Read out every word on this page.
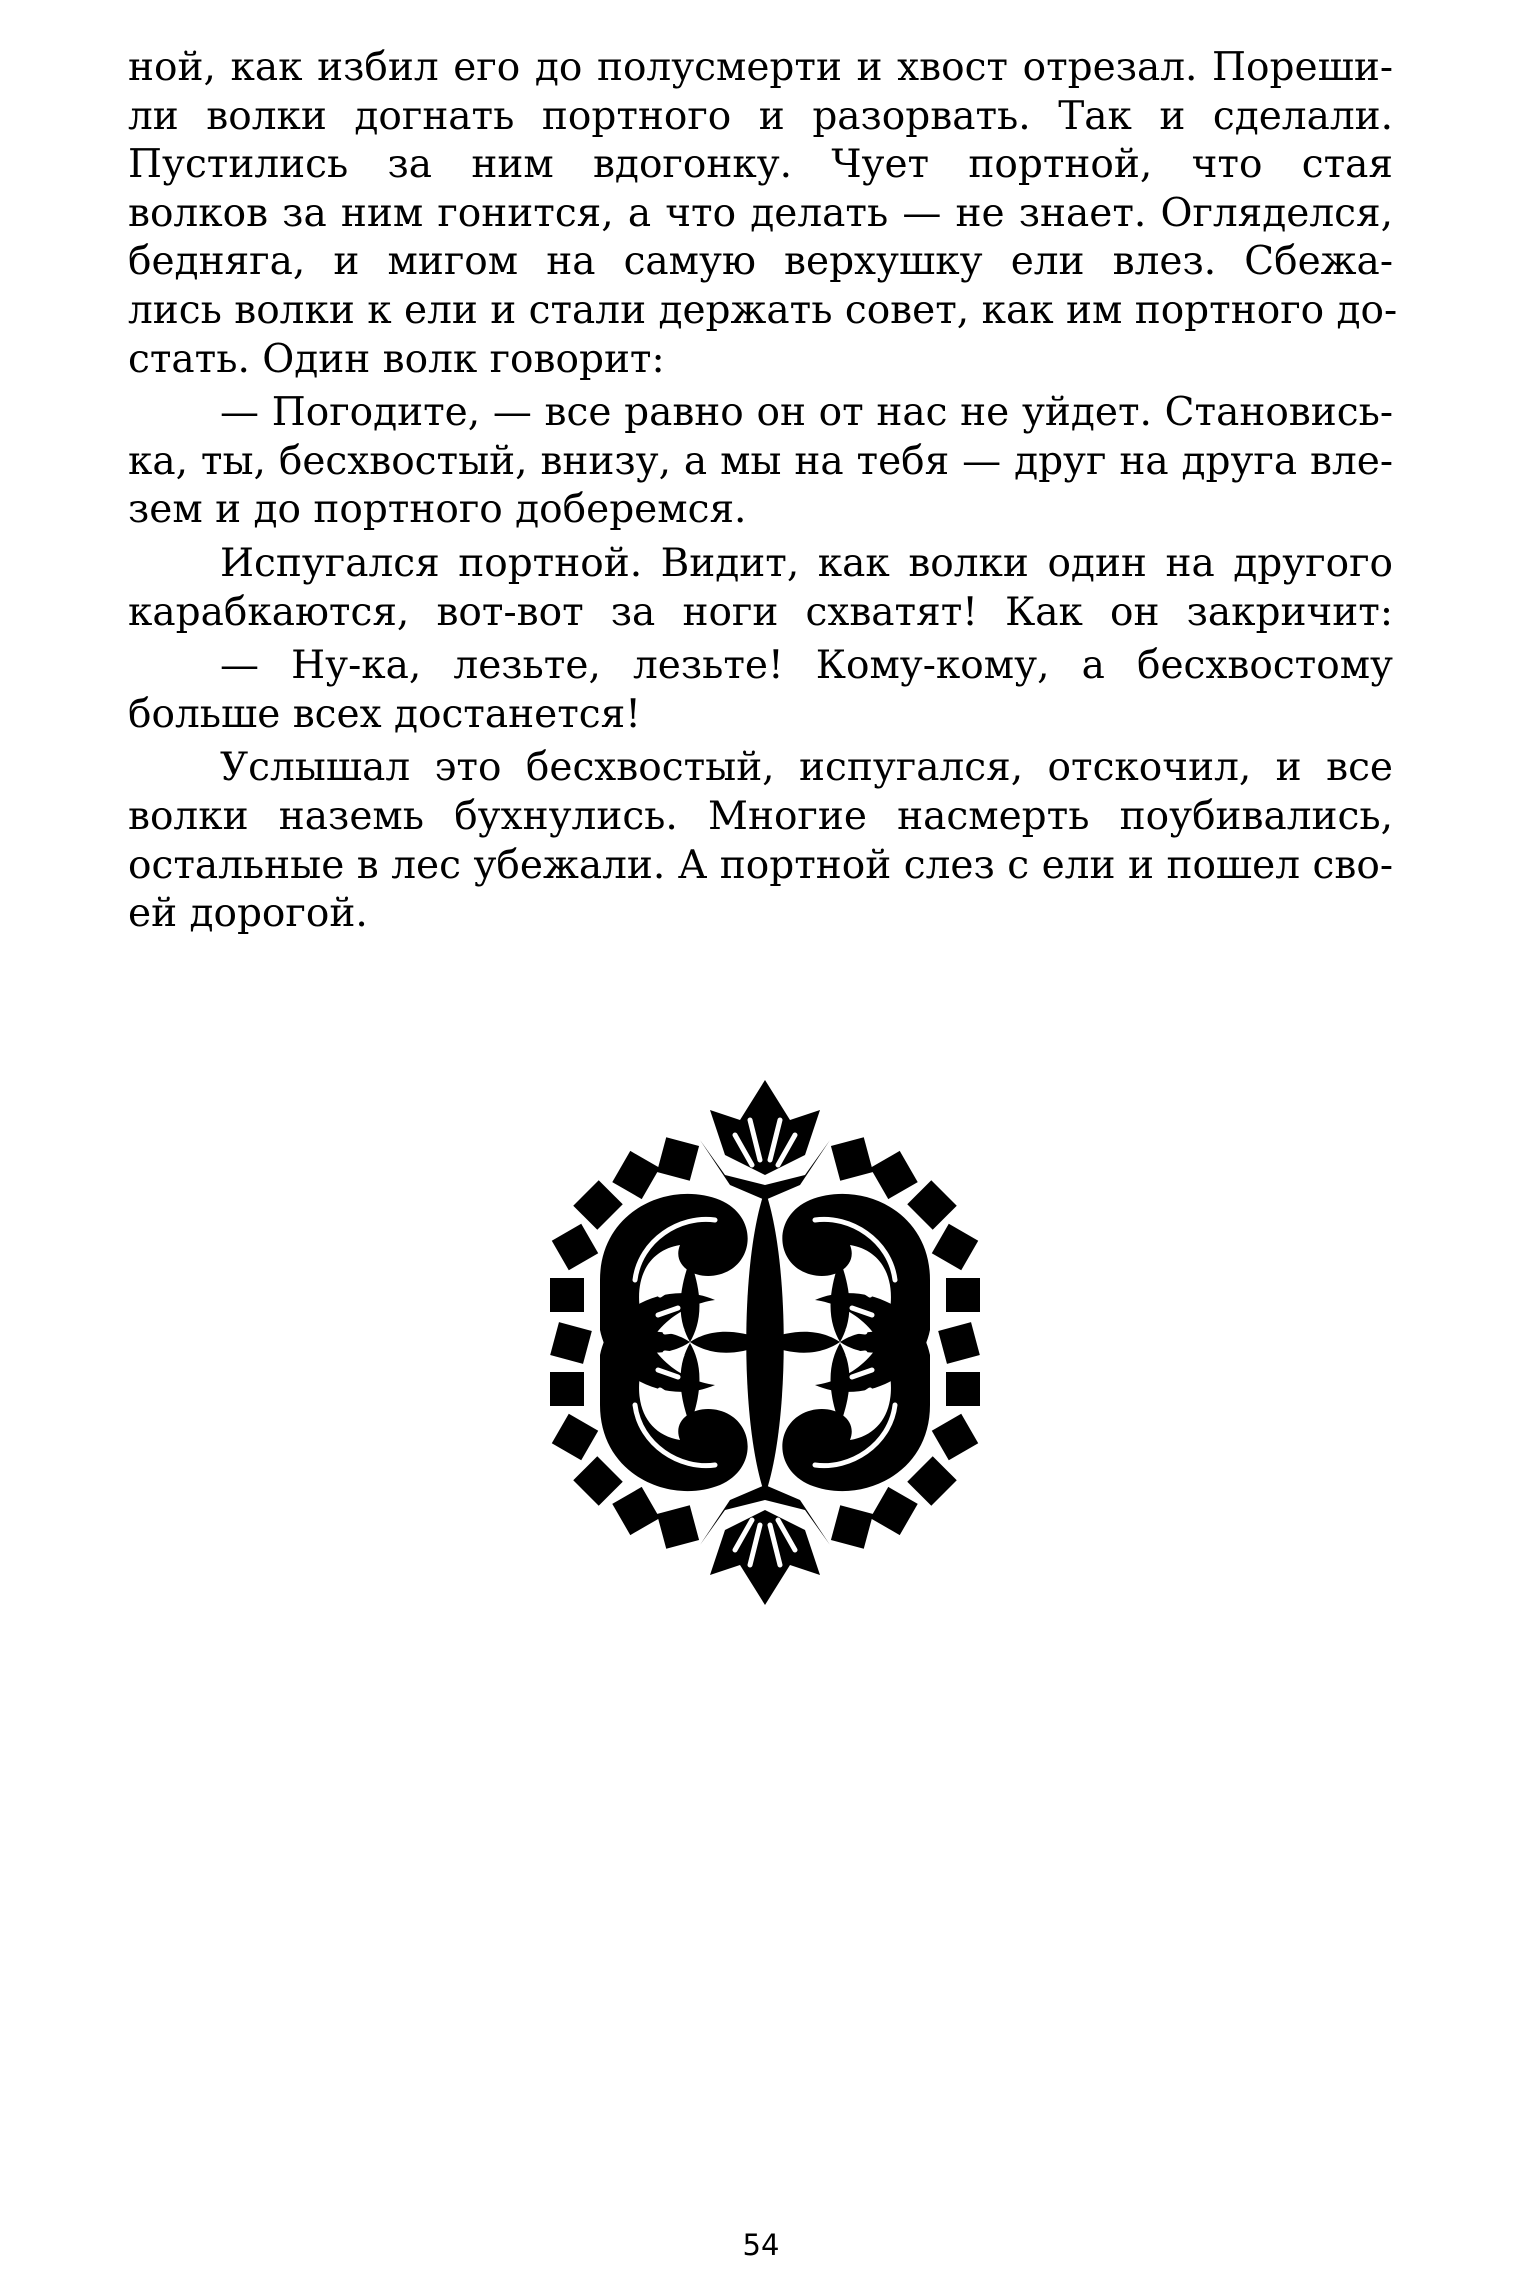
ной, как избил его до полусмерти и хвост отрезал. Пореши-
ли волки догнать портного и разорвать. Так и сделали.
Пустились за ним вдогонку. Чует портной, что стая
волков за ним гонится, а что делать — не знает. Огляделся,
бедняга, и мигом на самую верхушку ели влез. Сбежа-
лись волки к ели и стали держать совет, как им портного до-
стать. Один волк говорит:

— Погодите, — все равно он от нас не уйдет. Становись-
ка, ты, бесхвостый, внизу, а мы на тебя — друг на друга вле-
зем и до портного доберемся.

Испугался портной. Видит, как волки один на другого
карабкаются, вот-вот за ноги схватят! Как он закричит:

— Ну-ка, лезьте, лезьте! Кому-кому, а бесхвостому
больше всех достанется!

Услышал это бесхвостый, испугался, отскочил, и все
волки наземь бухнулись. Многие насмерть поубивались,
остальные в лес убежали. А портной слез с ели и пошел сво-
ей дорогой.

54
